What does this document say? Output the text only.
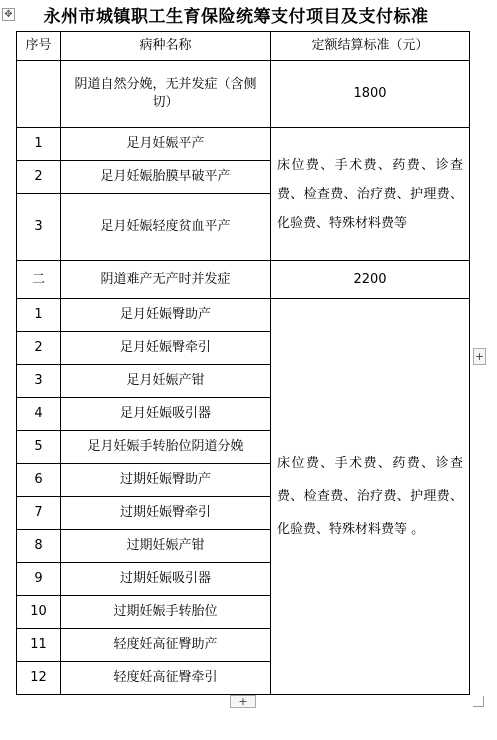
✥	永州市城镇职工生育保险统筹支付项目及支付标准
序号	病种名称	定额结算标准（元）
	阴道自然分娩，无并发症（含侧 切）	1800
1	足月妊娠平产	床位费、手术费、药费、诊查费、检查费、治疗费、护理费、化验费、特殊材料费等
2	足月妊娠胎膜早破平产	
3	足月妊娠轻度贫血平产	
二	阴道难产无产时并发症	2200
1	足月妊娠臀助产	床位费、手术费、药费、诊查费、检查费、治疗费、护理费、化验费、特殊材料费等 。
2	足月妊娠臀牵引	
3	足月妊娠产钳	
4	足月妊娠吸引器	
5	足月妊娠手转胎位阴道分娩	
6	过期妊娠臀助产	
7	过期妊娠臀牵引	
8	过期妊娠产钳	
9	过期妊娠吸引器	
10	过期妊娠手转胎位	
11	轻度妊高征臀助产	
12	轻度妊高征臀牵引	
+
+
